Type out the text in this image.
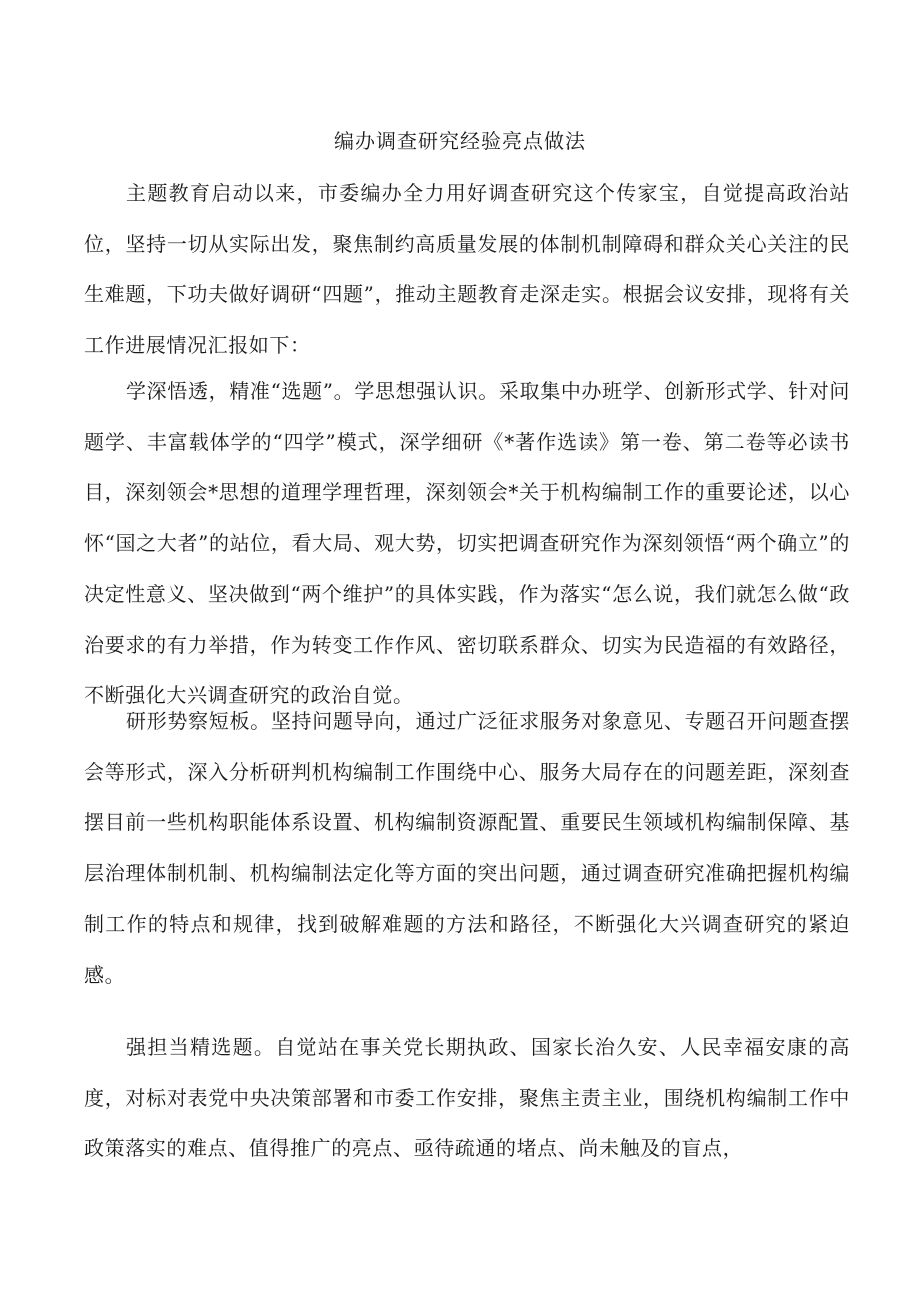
编办调查研究经验亮点做法

主题教育启动以来，市委编办全力用好调查研究这个传家宝，自觉提高政治站位，坚持一切从实际出发，聚焦制约高质量发展的体制机制障碍和群众关心关注的民生难题，下功夫做好调研“四题”，推动主题教育走深走实。根据会议安排，现将有关工作进展情况汇报如下：

学深悟透，精准“选题”。学思想强认识。采取集中办班学、创新形式学、针对问题学、丰富载体学的“四学”模式，深学细研《*著作选读》第一卷、第二卷等必读书目，深刻领会*思想的道理学理哲理，深刻领会*关于机构编制工作的重要论述，以心怀“国之大者”的站位，看大局、观大势，切实把调查研究作为深刻领悟“两个确立”的决定性意义、坚决做到“两个维护”的具体实践，作为落实“怎么说，我们就怎么做“政治要求的有力举措，作为转变工作作风、密切联系群众、切实为民造福的有效路径，不断强化大兴调查研究的政治自觉。

研形势察短板。坚持问题导向，通过广泛征求服务对象意见、专题召开问题查摆会等形式，深入分析研判机构编制工作围绕中心、服务大局存在的问题差距，深刻查摆目前一些机构职能体系设置、机构编制资源配置、重要民生领域机构编制保障、基层治理体制机制、机构编制法定化等方面的突出问题，通过调查研究准确把握机构编制工作的特点和规律，找到破解难题的方法和路径，不断强化大兴调查研究的紧迫感。

强担当精选题。自觉站在事关党长期执政、国家长治久安、人民幸福安康的高度，对标对表党中央决策部署和市委工作安排，聚焦主责主业，围绕机构编制工作中政策落实的难点、值得推广的亮点、亟待疏通的堵点、尚未触及的盲点，
